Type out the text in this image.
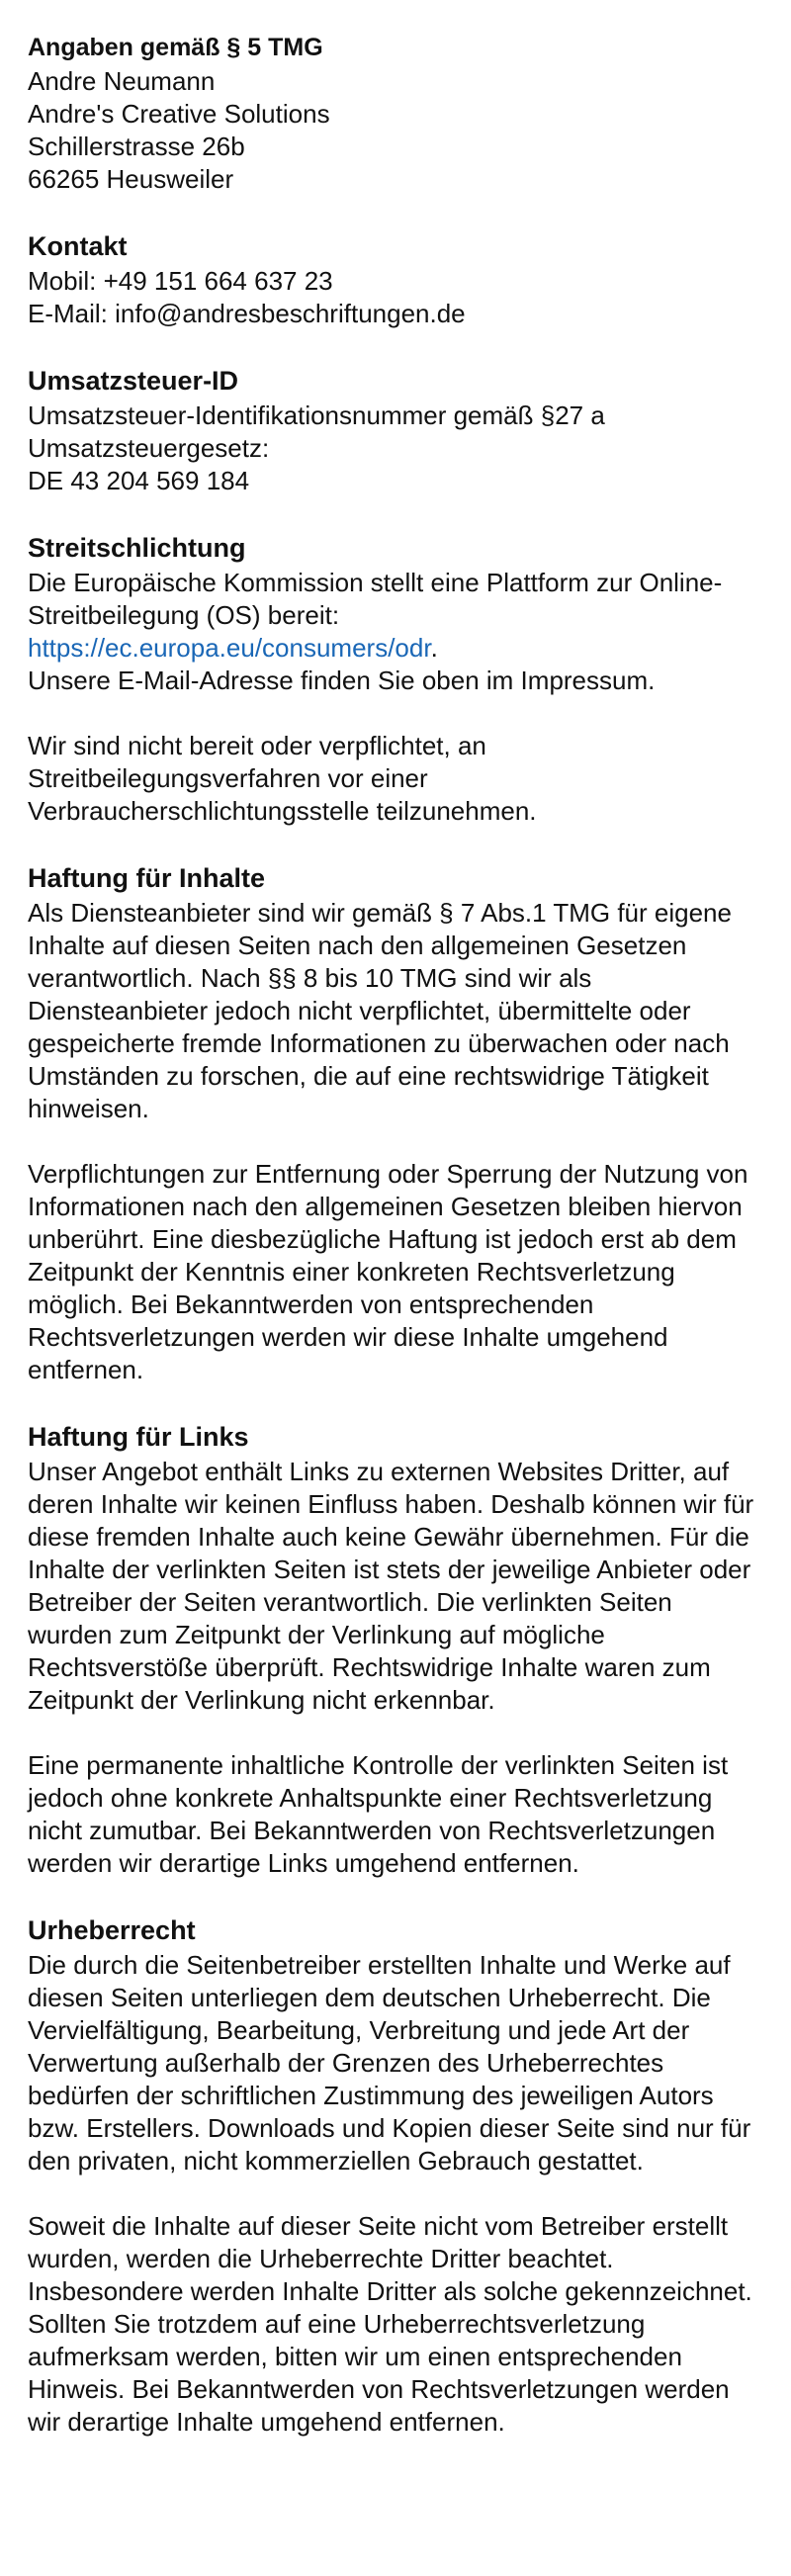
Angaben gemäß § 5 TMG
Andre Neumann
Andre's Creative Solutions
Schillerstrasse 26b
66265 Heusweiler
Kontakt
Mobil: +49 151 664 637 23
E-Mail: info@andresbeschriftungen.de
Umsatzsteuer-ID
Umsatzsteuer-Identifikationsnummer gemäß §27 a
Umsatzsteuergesetz:
DE 43 204 569 184
Streitschlichtung

Die Europäische Kommission stellt eine Plattform zur Online-Streitbeilegung (OS) bereit:
https://ec.europa.eu/consumers/odr.
Unsere E-Mail-Adresse finden Sie oben im Impressum.

Wir sind nicht bereit oder verpflichtet, an Streitbeilegungsverfahren vor einer Verbraucherschlichtungsstelle teilzunehmen.

Haftung für Inhalte

Als Diensteanbieter sind wir gemäß § 7 Abs.1 TMG für eigene Inhalte auf diesen Seiten nach den allgemeinen Gesetzen verantwortlich. Nach §§ 8 bis 10 TMG sind wir als Diensteanbieter jedoch nicht verpflichtet, übermittelte oder gespeicherte fremde Informationen zu überwachen oder nach Umständen zu forschen, die auf eine rechtswidrige Tätigkeit hinweisen.

Verpflichtungen zur Entfernung oder Sperrung der Nutzung von Informationen nach den allgemeinen Gesetzen bleiben hiervon unberührt. Eine diesbezügliche Haftung ist jedoch erst ab dem Zeitpunkt der Kenntnis einer konkreten Rechtsverletzung möglich. Bei Bekanntwerden von entsprechenden Rechtsverletzungen werden wir diese Inhalte umgehend entfernen.

Haftung für Links

Unser Angebot enthält Links zu externen Websites Dritter, auf deren Inhalte wir keinen Einfluss haben. Deshalb können wir für diese fremden Inhalte auch keine Gewähr übernehmen. Für die Inhalte der verlinkten Seiten ist stets der jeweilige Anbieter oder Betreiber der Seiten verantwortlich. Die verlinkten Seiten wurden zum Zeitpunkt der Verlinkung auf mögliche Rechtsverstöße überprüft. Rechtswidrige Inhalte waren zum Zeitpunkt der Verlinkung nicht erkennbar.

Eine permanente inhaltliche Kontrolle der verlinkten Seiten ist jedoch ohne konkrete Anhaltspunkte einer Rechtsverletzung nicht zumutbar. Bei Bekanntwerden von Rechtsverletzungen werden wir derartige Links umgehend entfernen.

Urheberrecht

Die durch die Seitenbetreiber erstellten Inhalte und Werke auf diesen Seiten unterliegen dem deutschen Urheberrecht. Die Vervielfältigung, Bearbeitung, Verbreitung und jede Art der Verwertung außerhalb der Grenzen des Urheberrechtes bedürfen der schriftlichen Zustimmung des jeweiligen Autors bzw. Erstellers. Downloads und Kopien dieser Seite sind nur für den privaten, nicht kommerziellen Gebrauch gestattet.

Soweit die Inhalte auf dieser Seite nicht vom Betreiber erstellt wurden, werden die Urheberrechte Dritter beachtet. Insbesondere werden Inhalte Dritter als solche gekennzeichnet. Sollten Sie trotzdem auf eine Urheberrechtsverletzung aufmerksam werden, bitten wir um einen entsprechenden Hinweis. Bei Bekanntwerden von Rechtsverletzungen werden wir derartige Inhalte umgehend entfernen.
